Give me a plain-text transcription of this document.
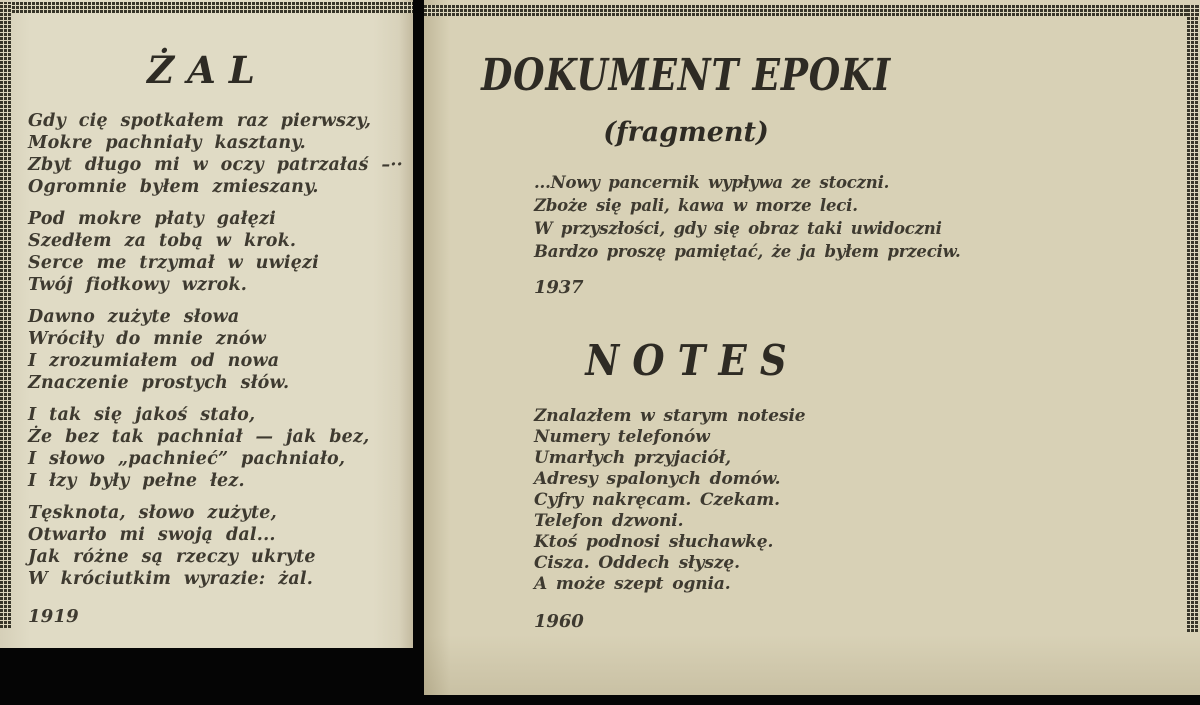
ŻAL
Gdy cię spotkałem raz pierwszy,
Mokre pachniały kasztany.
Zbyt długo mi w oczy patrzałaś –··
Ogromnie byłem zmieszany.
Pod mokre płaty gałęzi
Szedłem za tobą w krok.
Serce me trzymał w uwięzi
Twój fiołkowy wzrok.
Dawno zużyte słowa
Wróciły do mnie znów
I zrozumiałem od nowa
Znaczenie prostych słów.
I tak się jakoś stało,
Że bez tak pachniał — jak bez,
I słowo „pachnieć” pachniało,
I łzy były pełne łez.
Tęsknota, słowo zużyte,
Otwarło mi swoją dal...
Jak różne są rzeczy ukryte
W króciutkim wyrazie: żal.
1919
DOKUMENT EPOKI
(fragment)
...Nowy pancernik wypływa ze stoczni.
Zboże się pali, kawa w morze leci.
W przyszłości, gdy się obraz taki uwidoczni
Bardzo proszę pamiętać, że ja byłem przeciw.
1937
NOTES
Znalazłem w starym notesie
Numery telefonów
Umarłych przyjaciół,
Adresy spalonych domów.
Cyfry nakręcam. Czekam.
Telefon dzwoni.
Ktoś podnosi słuchawkę.
Cisza. Oddech słyszę.
A może szept ognia.
1960
